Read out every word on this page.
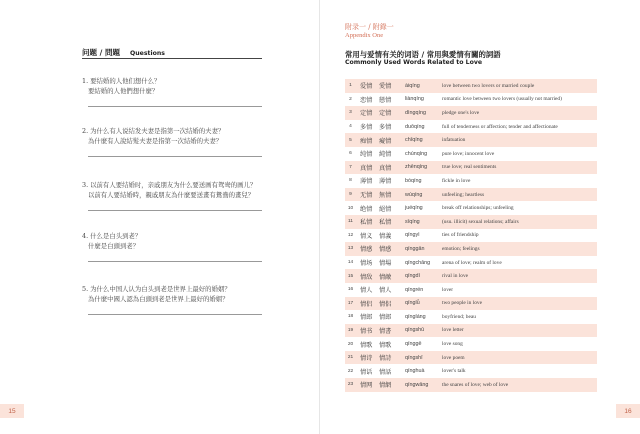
问题 / 問題 Questions
1. 要结婚的人他们想什么？
要結婚的人他們想什麼？
2. 为什么有人说结发夫妻是指第一次结婚的夫妻？
為什麼有人說結髮夫妻是指第一次結婚的夫妻？
3. 以前有人要结婚时，亲戚朋友为什么要送画有鸳鸯的画儿？
以前有人要結婚時，親戚朋友為什麼要送畫有鴛鴦的畫兒？
4. 什么是白头到老？
什麼是白頭到老？
5. 为什么中国人认为白头到老是世界上最好的婚姻？
為什麼中國人認為白頭到老是世界上最好的婚姻？
15
附录一 / 附錄一
Appendix One
常用与爱情有关的词语 / 常用與愛情有關的詞語
Commonly Used Words Related to Love
1	爱情	愛情	àiqíng	love between two lovers or married couple
2	恋情	戀情	liànqíng	romantic love between two lovers (usually not married)
3	定情	定情	dìngqíng	pledge one's love
4	多情	多情	duōqíng	full of tenderness or affection; tender and affectionate
5	痴情	癡情	chīqíng	infatuation
6	纯情	純情	chúnqíng	pure love; innocent love
7	真情	真情	zhēnqíng	true love; real sentiments
8	薄情	薄情	bóqíng	fickle in love
9	无情	無情	wúqíng	unfeeling; heartless
10	绝情	絕情	juéqíng	break off relationships; unfeeling
11	私情	私情	sīqíng	(usu. illicit) sexual relations; affairs
12	情义	情義	qíngyì	ties of friendship
13	情感	情感	qínggǎn	emotion; feelings
14	情场	情場	qíngchǎng	arena of love; realm of love
15	情敌	情敵	qíngdí	rival in love
16	情人	情人	qíngrén	lover
17	情侣	情侶	qínglǚ	two people in love
18	情郎	情郎	qíngláng	boyfriend; beau
19	情书	情書	qíngshū	love letter
20	情歌	情歌	qínggē	love song
21	情诗	情詩	qíngshī	love poem
22	情话	情話	qínghuà	lover's talk
23	情网	情網	qíngwǎng	the snares of love; web of love
16
